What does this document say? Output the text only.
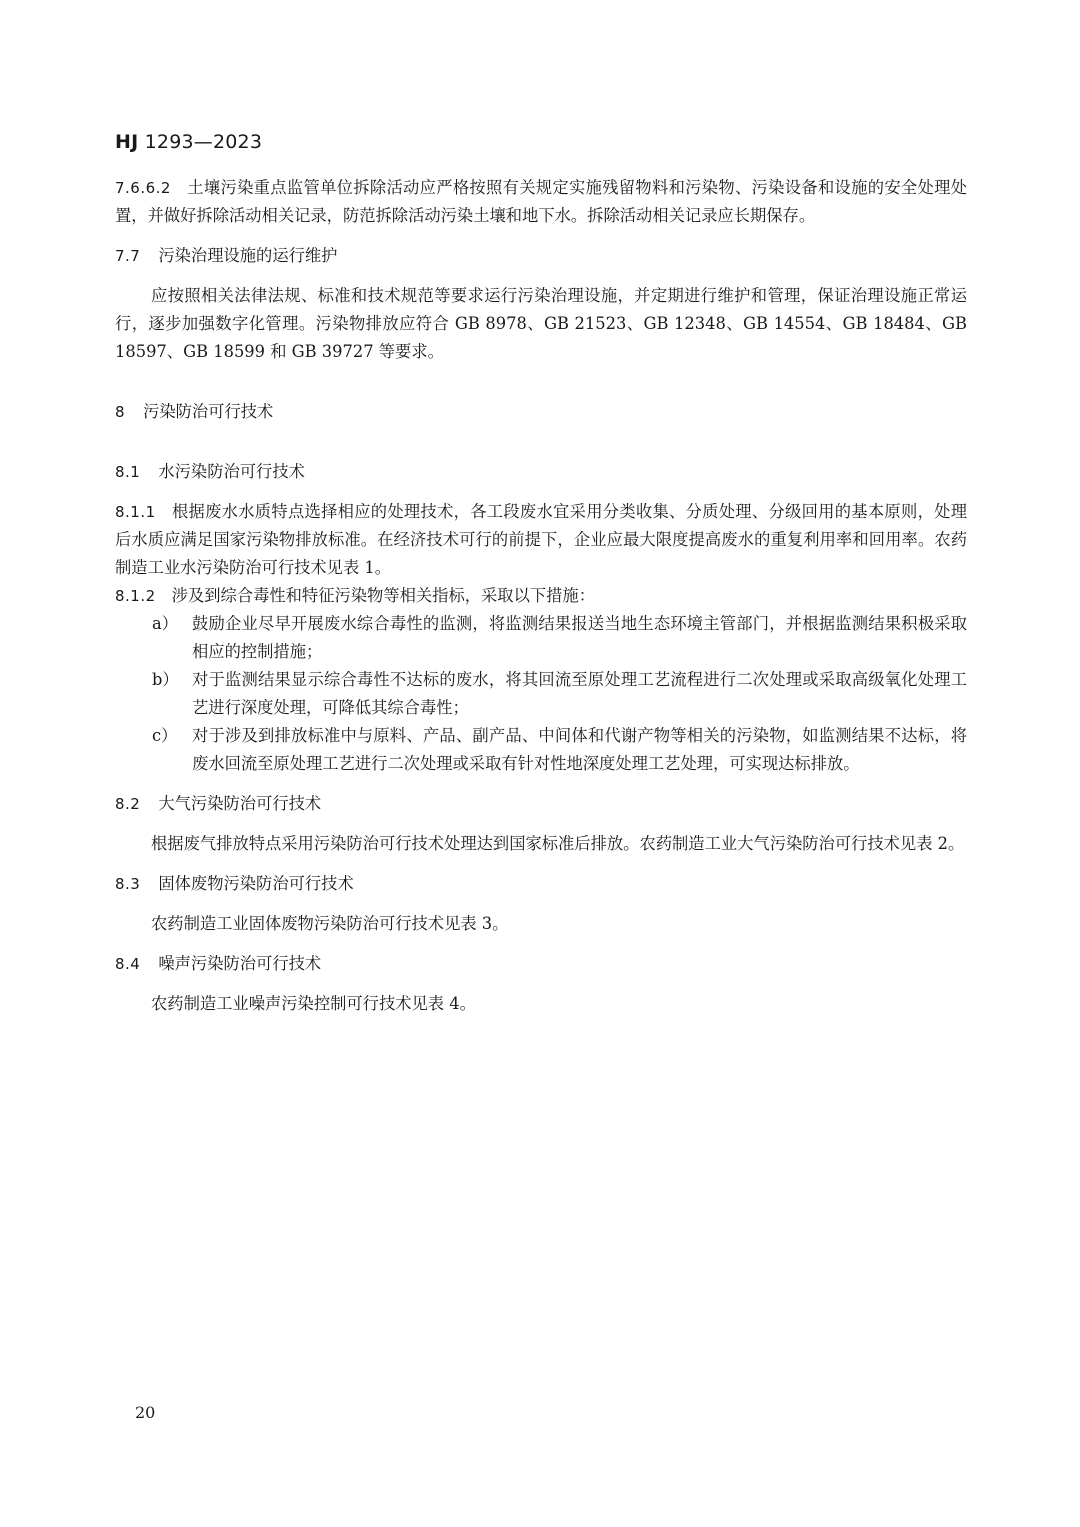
HJ 1293—2023

7.6.6.2 土壤污染重点监管单位拆除活动应严格按照有关规定实施残留物料和污染物、污染设备和设施的安全处理处置，并做好拆除活动相关记录，防范拆除活动污染土壤和地下水。拆除活动相关记录应长期保存。

7.7 污染治理设施的运行维护

应按照相关法律法规、标准和技术规范等要求运行污染治理设施，并定期进行维护和管理，保证治理设施正常运行，逐步加强数字化管理。污染物排放应符合 GB 8978、GB 21523、GB 12348、GB 14554、GB 18484、GB 18597、GB 18599 和 GB 39727 等要求。

8 污染防治可行技术
8.1 水污染防治可行技术

8.1.1 根据废水水质特点选择相应的处理技术，各工段废水宜采用分类收集、分质处理、分级回用的基本原则，处理后水质应满足国家污染物排放标准。在经济技术可行的前提下，企业应最大限度提高废水的重复利用率和回用率。农药制造工业水污染防治可行技术见表 1。

8.1.2 涉及到综合毒性和特征污染物等相关指标，采取以下措施：

a） 鼓励企业尽早开展废水综合毒性的监测，将监测结果报送当地生态环境主管部门，并根据监测结果积极采取相应的控制措施；
b） 对于监测结果显示综合毒性不达标的废水，将其回流至原处理工艺流程进行二次处理或采取高级氧化处理工艺进行深度处理，可降低其综合毒性；
c） 对于涉及到排放标准中与原料、产品、副产品、中间体和代谢产物等相关的污染物，如监测结果不达标，将废水回流至原处理工艺进行二次处理或采取有针对性地深度处理工艺处理，可实现达标排放。
8.2 大气污染防治可行技术

根据废气排放特点采用污染防治可行技术处理达到国家标准后排放。农药制造工业大气污染防治可行技术见表 2。

8.3 固体废物污染防治可行技术

农药制造工业固体废物污染防治可行技术见表 3。

8.4 噪声污染防治可行技术

农药制造工业噪声污染控制可行技术见表 4。

20
